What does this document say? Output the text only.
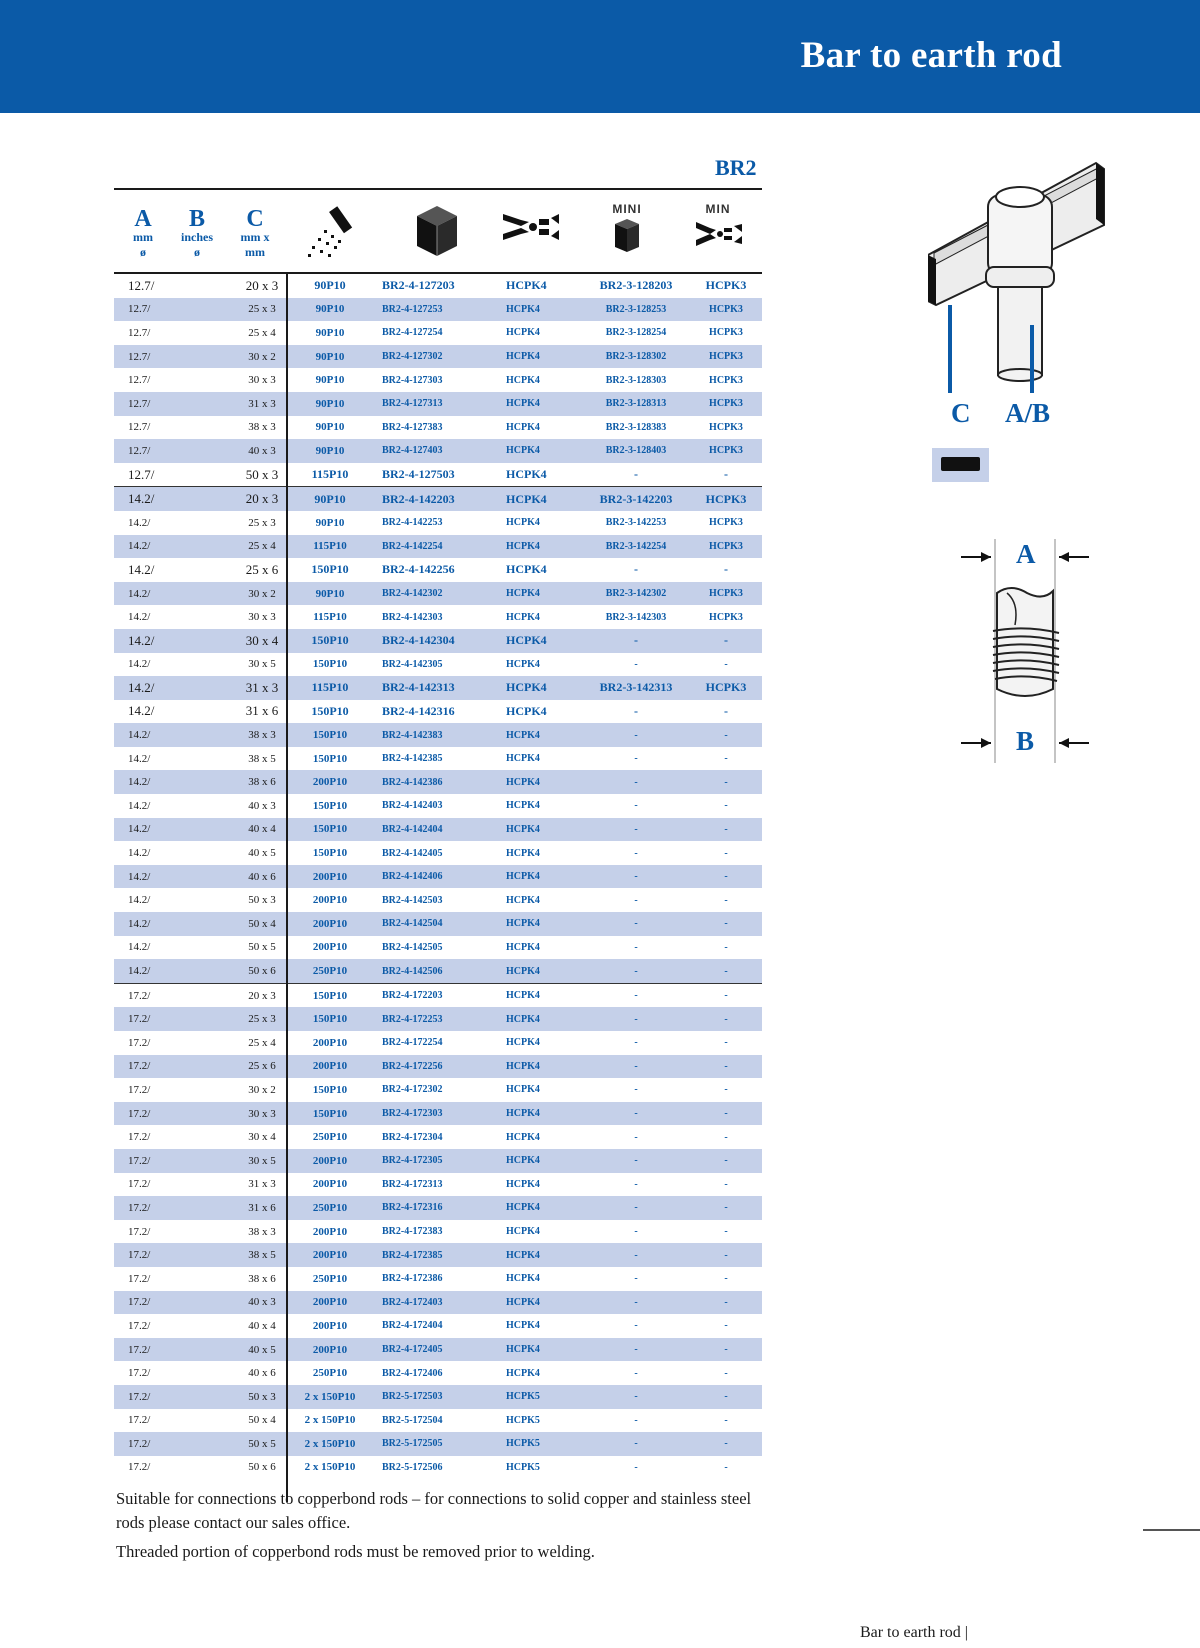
Bar to earth rod
BR2
A
mm
ø
B
inches
ø
C
mm x
mm
MINI	MIN
12.7/	20 x 3	90P10	BR2-4-127203	HCPK4	BR2-3-128203	HCPK3
12.7/	25 x 3	90P10	BR2-4-127253	HCPK4	BR2-3-128253	HCPK3
12.7/	25 x 4	90P10	BR2-4-127254	HCPK4	BR2-3-128254	HCPK3
12.7/	30 x 2	90P10	BR2-4-127302	HCPK4	BR2-3-128302	HCPK3
12.7/	30 x 3	90P10	BR2-4-127303	HCPK4	BR2-3-128303	HCPK3
12.7/	31 x 3	90P10	BR2-4-127313	HCPK4	BR2-3-128313	HCPK3
12.7/	38 x 3	90P10	BR2-4-127383	HCPK4	BR2-3-128383	HCPK3
12.7/	40 x 3	90P10	BR2-4-127403	HCPK4	BR2-3-128403	HCPK3
12.7/	50 x 3	115P10	BR2-4-127503	HCPK4	-	-
14.2/	20 x 3	90P10	BR2-4-142203	HCPK4	BR2-3-142203	HCPK3
14.2/	25 x 3	90P10	BR2-4-142253	HCPK4	BR2-3-142253	HCPK3
14.2/	25 x 4	115P10	BR2-4-142254	HCPK4	BR2-3-142254	HCPK3
14.2/	25 x 6	150P10	BR2-4-142256	HCPK4	-	-
14.2/	30 x 2	90P10	BR2-4-142302	HCPK4	BR2-3-142302	HCPK3
14.2/	30 x 3	115P10	BR2-4-142303	HCPK4	BR2-3-142303	HCPK3
14.2/	30 x 4	150P10	BR2-4-142304	HCPK4	-	-
14.2/	30 x 5	150P10	BR2-4-142305	HCPK4	-	-
14.2/	31 x 3	115P10	BR2-4-142313	HCPK4	BR2-3-142313	HCPK3
14.2/	31 x 6	150P10	BR2-4-142316	HCPK4	-	-
14.2/	38 x 3	150P10	BR2-4-142383	HCPK4	-	-
14.2/	38 x 5	150P10	BR2-4-142385	HCPK4	-	-
14.2/	38 x 6	200P10	BR2-4-142386	HCPK4	-	-
14.2/	40 x 3	150P10	BR2-4-142403	HCPK4	-	-
14.2/	40 x 4	150P10	BR2-4-142404	HCPK4	-	-
14.2/	40 x 5	150P10	BR2-4-142405	HCPK4	-	-
14.2/	40 x 6	200P10	BR2-4-142406	HCPK4	-	-
14.2/	50 x 3	200P10	BR2-4-142503	HCPK4	-	-
14.2/	50 x 4	200P10	BR2-4-142504	HCPK4	-	-
14.2/	50 x 5	200P10	BR2-4-142505	HCPK4	-	-
14.2/	50 x 6	250P10	BR2-4-142506	HCPK4	-	-
17.2/	20 x 3	150P10	BR2-4-172203	HCPK4	-	-
17.2/	25 x 3	150P10	BR2-4-172253	HCPK4	-	-
17.2/	25 x 4	200P10	BR2-4-172254	HCPK4	-	-
17.2/	25 x 6	200P10	BR2-4-172256	HCPK4	-	-
17.2/	30 x 2	150P10	BR2-4-172302	HCPK4	-	-
17.2/	30 x 3	150P10	BR2-4-172303	HCPK4	-	-
17.2/	30 x 4	250P10	BR2-4-172304	HCPK4	-	-
17.2/	30 x 5	200P10	BR2-4-172305	HCPK4	-	-
17.2/	31 x 3	200P10	BR2-4-172313	HCPK4	-	-
17.2/	31 x 6	250P10	BR2-4-172316	HCPK4	-	-
17.2/	38 x 3	200P10	BR2-4-172383	HCPK4	-	-
17.2/	38 x 5	200P10	BR2-4-172385	HCPK4	-	-
17.2/	38 x 6	250P10	BR2-4-172386	HCPK4	-	-
17.2/	40 x 3	200P10	BR2-4-172403	HCPK4	-	-
17.2/	40 x 4	200P10	BR2-4-172404	HCPK4	-	-
17.2/	40 x 5	200P10	BR2-4-172405	HCPK4	-	-
17.2/	40 x 6	250P10	BR2-4-172406	HCPK4	-	-
17.2/	50 x 3	2 x 150P10	BR2-5-172503	HCPK5	-	-
17.2/	50 x 4	2 x 150P10	BR2-5-172504	HCPK5	-	-
17.2/	50 x 5	2 x 150P10	BR2-5-172505	HCPK5	-	-
17.2/	50 x 6	2 x 150P10	BR2-5-172506	HCPK5	-	-

Suitable for connections to copperbond rods – for connections to solid copper and stainless steel rods please contact our sales office.

Threaded portion of copperbond rods must be removed prior to welding.

Bar to earth rod |
C A/B
A
B
